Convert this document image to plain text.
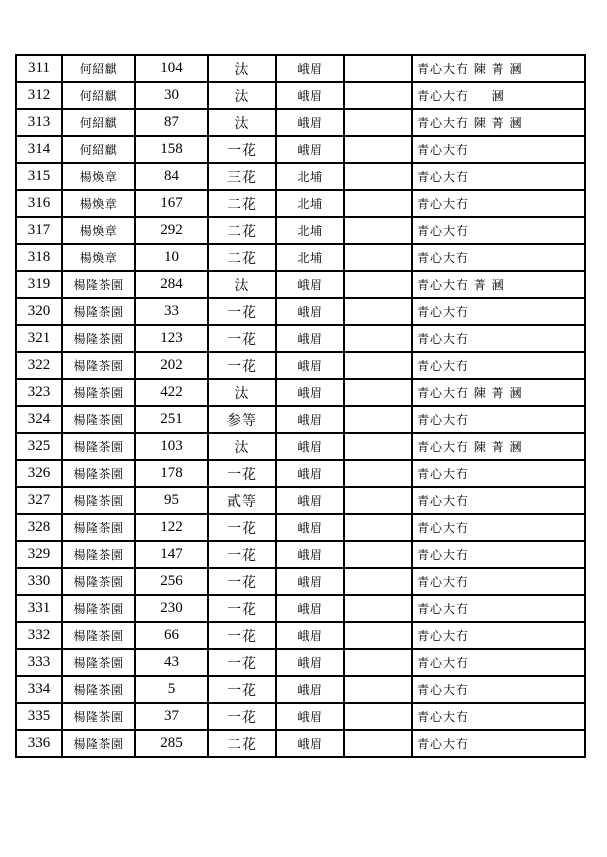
311	何紹麒	104	汰	峨眉		青心大冇 陳 菁 漍
312	何紹麒	30	汰	峨眉		青心大冇 　 漍
313	何紹麒	87	汰	峨眉		青心大冇 陳 菁 漍
314	何紹麒	158	一花	峨眉		青心大冇
315	楊煥章	84	三花	北埔		青心大冇
316	楊煥章	167	二花	北埔		青心大冇
317	楊煥章	292	二花	北埔		青心大冇
318	楊煥章	10	二花	北埔		青心大冇
319	楊隆茶園	284	汰	峨眉		青心大冇 菁 漍
320	楊隆茶園	33	一花	峨眉		青心大冇
321	楊隆茶園	123	一花	峨眉		青心大冇
322	楊隆茶園	202	一花	峨眉		青心大冇
323	楊隆茶園	422	汰	峨眉		青心大冇 陳 菁 漍
324	楊隆茶園	251	参等	峨眉		青心大冇
325	楊隆茶園	103	汰	峨眉		青心大冇 陳 菁 漍
326	楊隆茶園	178	一花	峨眉		青心大冇
327	楊隆茶園	95	貳等	峨眉		青心大冇
328	楊隆茶園	122	一花	峨眉		青心大冇
329	楊隆茶園	147	一花	峨眉		青心大冇
330	楊隆茶園	256	一花	峨眉		青心大冇
331	楊隆茶園	230	一花	峨眉		青心大冇
332	楊隆茶園	66	一花	峨眉		青心大冇
333	楊隆茶園	43	一花	峨眉		青心大冇
334	楊隆茶園	5	一花	峨眉		青心大冇
335	楊隆茶園	37	一花	峨眉		青心大冇
336	楊隆茶園	285	二花	峨眉		青心大冇
